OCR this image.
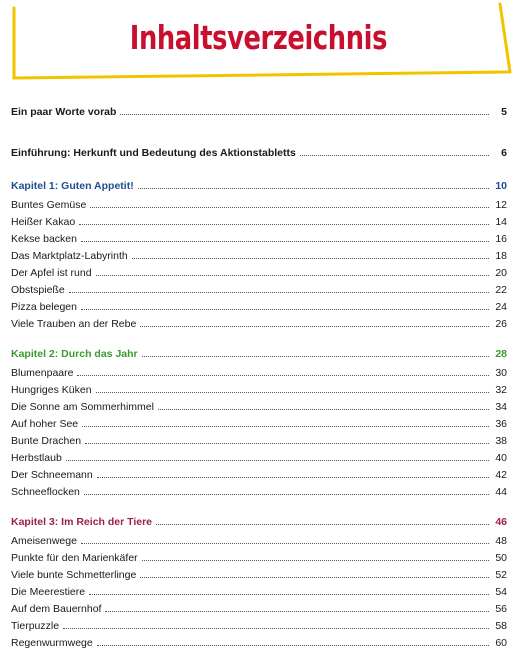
Inhaltsverzeichnis
Ein paar Worte vorab	5
Einführung: Herkunft und Bedeutung des Aktionstabletts	6
Kapitel 1: Guten Appetit!	10
Buntes Gemüse	12
Heißer Kakao	14
Kekse backen	16
Das Marktplatz-Labyrinth	18
Der Apfel ist rund	20
Obstspieße	22
Pizza belegen	24
Viele Trauben an der Rebe	26
Kapitel 2: Durch das Jahr	28
Blumenpaare	30
Hungriges Küken	32
Die Sonne am Sommerhimmel	34
Auf hoher See	36
Bunte Drachen	38
Herbstlaub	40
Der Schneemann	42
Schneeflocken	44
Kapitel 3: Im Reich der Tiere	46
Ameisenwege	48
Punkte für den Marienkäfer	50
Viele bunte Schmetterlinge	52
Die Meerestiere	54
Auf dem Bauernhof	56
Tierpuzzle	58
Regenwurmwege	60
